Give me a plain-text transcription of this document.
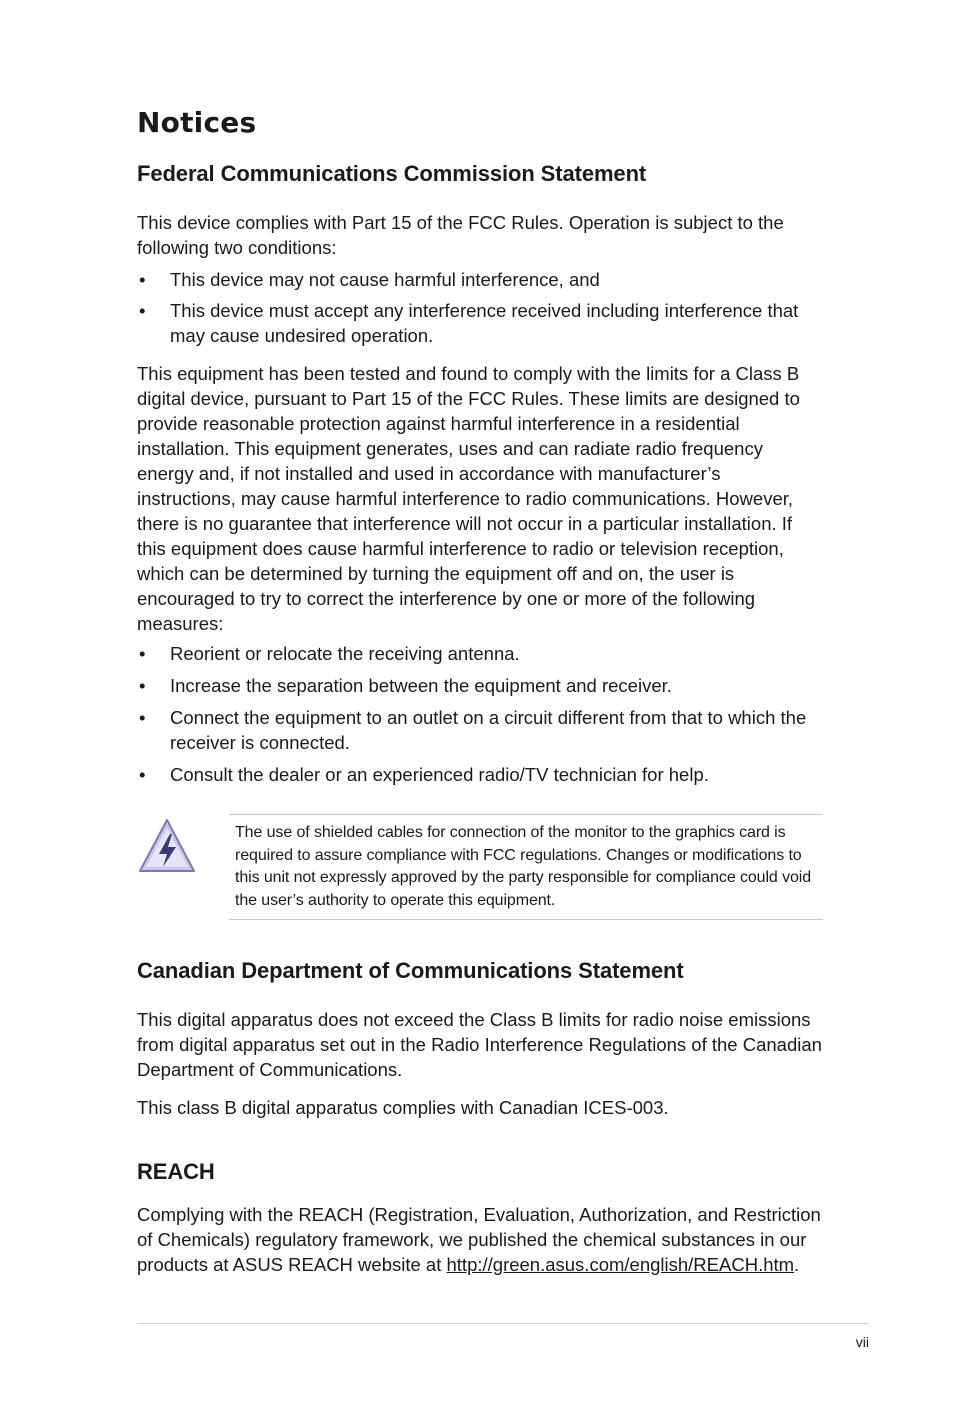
Notices
Federal Communications Commission Statement

This device complies with Part 15 of the FCC Rules. Operation is subject to the following two conditions:

• This device may not cause harmful interference, and
• This device must accept any interference received including interference that may cause undesired operation.

This equipment has been tested and found to comply with the limits for a Class B digital device, pursuant to Part 15 of the FCC Rules. These limits are designed to provide reasonable protection against harmful interference in a residential installation. This equipment generates, uses and can radiate radio frequency energy and, if not installed and used in accordance with manufacturer’s instructions, may cause harmful interference to radio communications. However, there is no guarantee that interference will not occur in a particular installation. If this equipment does cause harmful interference to radio or television reception, which can be determined by turning the equipment off and on, the user is encouraged to try to correct the interference by one or more of the following measures:

• Reorient or relocate the receiving antenna.
• Increase the separation between the equipment and receiver.
• Connect the equipment to an outlet on a circuit different from that to which the receiver is connected.
• Consult the dealer or an experienced radio/TV technician for help.

The use of shielded cables for connection of the monitor to the graphics card is required to assure compliance with FCC regulations. Changes or modifications to this unit not expressly approved by the party responsible for compliance could void the user’s authority to operate this equipment.

Canadian Department of Communications Statement

This digital apparatus does not exceed the Class B limits for radio noise emissions from digital apparatus set out in the Radio Interference Regulations of the Canadian Department of Communications.

This class B digital apparatus complies with Canadian ICES-003.

REACH

Complying with the REACH (Registration, Evaluation, Authorization, and Restriction of Chemicals) regulatory framework, we published the chemical substances in our products at ASUS REACH website at http://green.asus.com/english/REACH.htm.

vii
